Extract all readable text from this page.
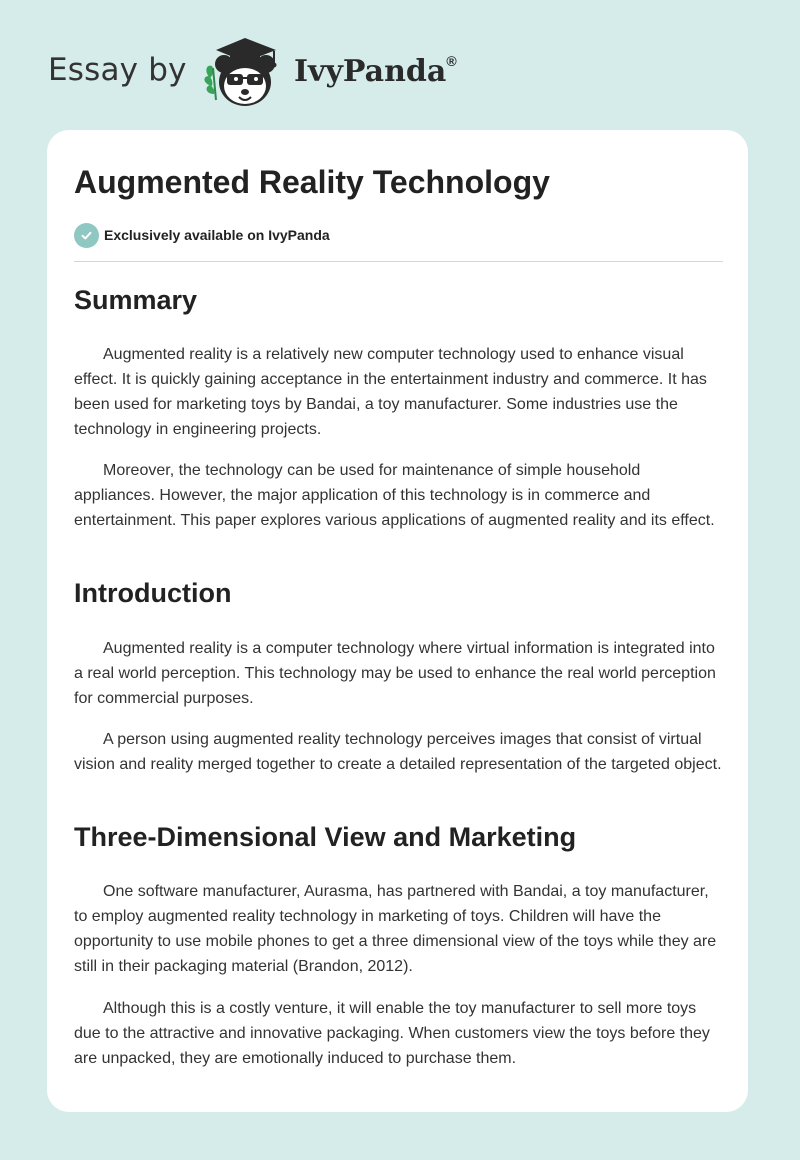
Essay by	IvyPanda®
Augmented Reality Technology
Exclusively available on IvyPanda
Summary

Augmented reality is a relatively new computer technology used to enhance visual effect. It is quickly gaining acceptance in the entertainment industry and commerce. It has been used for marketing toys by Bandai, a toy manufacturer. Some industries use the technology in engineering projects.

Moreover, the technology can be used for maintenance of simple household appliances. However, the major application of this technology is in commerce and entertainment. This paper explores various applications of augmented reality and its effect.

Introduction

Augmented reality is a computer technology where virtual information is integrated into a real world perception. This technology may be used to enhance the real world perception for commercial purposes.

A person using augmented reality technology perceives images that consist of virtual vision and reality merged together to create a detailed representation of the targeted object.

Three-Dimensional View and Marketing

One software manufacturer, Aurasma, has partnered with Bandai, a toy manufacturer, to employ augmented reality technology in marketing of toys. Children will have the opportunity to use mobile phones to get a three dimensional view of the toys while they are still in their packaging material (Brandon, 2012).

Although this is a costly venture, it will enable the toy manufacturer to sell more toys due to the attractive and innovative packaging. When customers view the toys before they are unpacked, they are emotionally induced to purchase them.
